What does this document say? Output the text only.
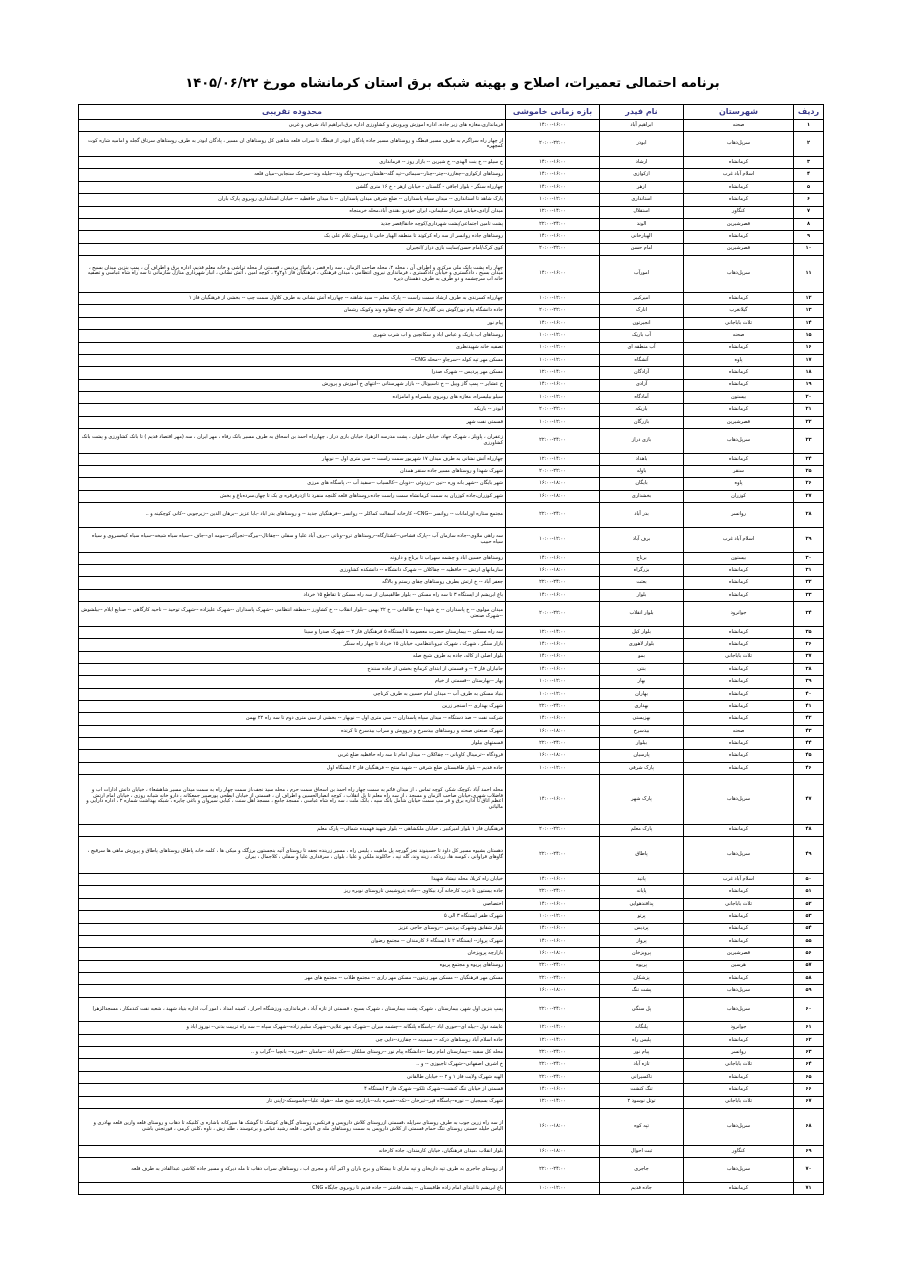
برنامه احتمالی تعمیرات، اصلاح و بهینه شبکه برق استان کرمانشاه مورخ ۱۴۰۵/۰۶/۲۲
ردیف	شهرستان	نام فیدر	بازه زمانی خاموشی	محدوده تقریبی
۱	صحنه	ابراهیم آباد	۱۴:۰۰-۱۶:۰۰	فرمانداری،مغازه های زیر جاده، اداره اموزش وپرورش و کشاورزی اداره برق،ابراهیم اباد شرقی و غربی
۲	سرپل‌ذهاب	ابوذر	۲۰:۰۰-۲۲:۰۰	از چهار راه سراگرم به طرف مسیر قبطگ و روستاهای مسیر جاده پادگان ابوذر از قبطگ تا سراب قلعه شاهین کل روستاهای ان مسیر ، پادگان ابوذر به طرف روستاهای سرتاق گجله و امامیه شاره کوت کمچهره
۳	کرمانشاه	ارشاد	۱۴:۰۰-۱۶:۰۰	خ سیلو -- خ بنت الهدی-- خ شیرین -- بازار روز -- فرمانداری
۴	اسلام آباد غرب	ازکوازی	۱۴:۰۰-۱۶:۰۰	روستاهای ازکوازی--چغازرد--چتر--چنار--سیمائی--تپه گله--هلشان--برزه--ولگه وند--جلیله وند--سرخک سنجابی--میان قلعه
۵	کرمانشاه	ازهر	۱۴:۰۰-۱۶:۰۰	چهارراه سنگر - بلوار اجاقی - گلستان - خیابان ازهر - خ ۱۶ متری گلشن
۶	کرمانشاه	استانداری	۱۰:۰۰-۱۲:۰۰	پارک شاهد تا استانداری -- میدان سپاه پاسداران -- ضلع شرقی میدان پاسداران -- تا میدان حافظیه -- خیابان استانداری روبروی پارک باران
۷	کنگاور	استقلال	۱۲:۰۰-۱۴:۰۰	میدان آزادی،خیابان سردار سلیمانی، ایران خودرو ،هندی آباد،محله خرمنجاه
۸	قصرشیرین	الوند	۲۲:۰۰-۲۴:۰۰	پشت تامین اجتماعی/پشت شهرداری/کوچه خانقا/قصر جدید
۹	کرمانشاه	الهیارخانی	۱۴:۰۰-۱۶:۰۰	روستاهای جاده روانسر از سه راه کرکوند تا منطقه الهیار خانی تا روستای غلام علی بک
۱۰	قصرشیرین	امام حسن	۲۰:۰۰-۲۲:۰۰	کوی کرک/امام حسن/سایت بازی دراز /انجیران
۱۱	سرپل‌ذهاب	امورآب	۱۴:۰۰-۱۶:۰۰	چهار راه پشت بانک ملی مرکزی و اطراف آن ، محله ۲، محله صاحب الزمان ، سه راه قصر ، پاساژ پردیس ، قسمتی از محله تراشی و خانه معلم قدیم، اداره برق و اطراف آن ، پمپ بنزین میدان بسیج ، میدان بسیج ، دادگستری و خیابان دادگستری ، فرمانداری نیروی انتظامی ، میدان فرهنگی ، فرهنگیان فاز ۱و۲و۳ ، کوچه امین ، آتش نشانی ، انبار شهرداری منازل سازمانی تا سه راه شاه عباسی و تصفیه خانه اب سرچشمه و دو طرف به طرف دهستان دیره
۱۲	کرمانشاه	امیرکبیر	۱۰:۰۰-۱۲:۰۰	چهارراه کسرندی به طرف ارشاد سمت راست -- پارک معلم -- سید شاهنه -- چهارراه آتش نشانی به طرف کلاول سمت چپ -- بخشی از فرهنگیان فاز ۱
۱۳	گیلانغرب	انارک	۲۰:۰۰-۲۲:۰۰	جاده دانشگاه پیام نور/گوش بنی گلاره/ کار خانه کج چقلاوه وند وکوبک رشمان
۱۴	ثلاث باباجانی	انجیرتون	۱۴:۰۰-۱۶:۰۰	پیام نور
۱۵	صحنه	آب باریک	۱۰:۰۰-۱۲:۰۰	روستاهای اب باریک و عباس اباد و سکانچین و اب شرب شهری
۱۶	کرمانشاه	آب منطقه ای	۱۰:۰۰-۱۲:۰۰	تصفیه خانه شهیدنظری
۱۷	پاوه	آتشگاه	۱۰:۰۰-۱۲:۰۰	مسکن مهر تپه کوله --سرچاو --محله CNG--
۱۸	کرمانشاه	آزادگان	۱۲:۰۰-۱۴:۰۰	مسکن مهر پردیس -- شهرک صدرا
۱۹	کرمانشاه	آزادی	۱۴:۰۰-۱۶:۰۰	خ عشایر -- پمپ گاز وییل -- خ تاسیوتال -- بازار شهرستانی --انتهای خ آموزش و پرورش
۲۰	بیستون	آمادگاه	۱۰:۰۰-۱۲:۰۰	سیلو بیلیسراه، مغازه های روبروی بیلسراه و امامزاده
۲۱	کرمانشاه	باریکه	۲۰:۰۰-۲۲:۰۰	ابوذر -- باریکه
۲۲	قصرشیرین	بازرگان	۱۰:۰۰-۱۲:۰۰	قسمتی نفت شهر
۲۳	سرپل‌ذهاب	بازی دراز	۲۲:۰۰-۲۴:۰۰	زعفران ، پاویلز ، شهرک جهاد، خیابان حلوان ، پشت مدرسه الزهرا، خیابان بازی دراز ، چهارراه احمد بن اسحاق به طرف مسیر بانک رفاه ، مهر ایران ، سه (مهر اقتصاد قدیم ) تا بانک کشاورزی و پشت بانک کشاورزی
۲۴	کرمانشاه	باهداد	۱۲:۰۰-۱۴:۰۰	چهارراه آتش نشانی به طرف میدان ۱۷ شهریور سمت راست -- سی متری اول -- نوبهار
۲۵	سنقر	باوله	۲۰:۰۰-۲۲:۰۰	شهرک شهدا و روستاهای مسیر جاده سنقر همدان
۲۶	پاوه	بایگان	۱۶:۰۰-۱۸:۰۰	شهر بایگان --شهر بانه وره --نین --زردوئی --دوبان --کالسیاب --سفید آب --، پاسگاه های مرزی
۲۷	کوزران	بخشداری	۱۶:۰۰-۱۸:۰۰	شهر کوزران،جاده کوزران به سمت کرمانشاه سمت راست جاده،روستاهای قلعه کلنچه منفرد تا اژدرقرقره ی بک تا چهار،سرده‌باغ و بخش
۲۸	روانسر	بدر آباد	۲۲:۰۰-۲۴:۰۰	مجتمع ستاره اورامانات -- روانسر --CNG-- کارخانه آسفالت کماکلر -- روانسر --فرهنگیان جدید -- و روستاهای بدر اباد -بابا عزیز --برهان الدین --زیرجوبی --کانی کوچکینه و ..
۲۹	اسلام آباد غرب	برف آباد	۱۰:۰۰-۱۲:۰۰	سه راهی ملاوی--جاده سازمان آب --پارک فشاحی--کشتارگاه--روستاهای ترو--ونانی --برف آباد علیا و سفلی --چقاتال--بیرگه--تجرآکبر--مومه ای--جاف --سیاه سیاه شیخه--سیاه سیاه کیخسروی و سیاه سیاه حبیب
۳۰	بیستون	برناج	۱۴:۰۰-۱۶:۰۰	روستاهای حسین اباد و چشمه سهراب تا برناج و دارونه
۳۱	کرمانشاه	بزرگراه	۱۶:۰۰-۱۸:۰۰	سازمانهای ارتش -- حافظیه -- چقاکلان -- شهرک دانشگاه -- دانشکده کشاورزی
۳۲	کرمانشاه	بعثت	۲۲:۰۰-۲۴:۰۰	جعفر آباد -- خ ارتش بطرف روستاهای چقای رستم و بالاگه
۳۳	کرمانشاه	بلوار	۱۴:۰۰-۱۶:۰۰	باغ ابریشم از ایستگاه ۳ تا سه راه مسکن -- بلوار طالقیمیان از سه راه مسکن تا تقاطع ۱۵ خرداد
۳۴	جوانرود	بلوار انقلاب	۲۰:۰۰-۲۲:۰۰	میدان مولوی -- خ پاسداران -- خ شهدا --خ طالقانی -- خ ۲۲ بهمن --بلوار انقلاب -- خ کشاورز --منطقه انتظامی --شهرک پاسداران --شهرک علیزاده --شهرک توحید -- ناحیه کارگاهی -- صنایع ایلام --بیلشوش --شهرک صنعتی
۳۵	کرمانشاه	بلوار کیل	۱۲:۰۰-۱۴:۰۰	سه راه مسکن -- بیمارستان حضرت معصومه تا ایستگاه ۵ فرهنگیان فاز ۲ -- شهرک صدرا و سینا
۳۶	کرمانشاه	بلوار لاهوری	۱۴:۰۰-۱۶:۰۰	بازار سنگر ، شهرک ، شهرک تیرو،انتظامی، خیابان ۱۵ خرداد تا چهار راه سنگر
۳۷	ثلاث باباجانی	بمو	۱۴:۰۰-۱۶:۰۰	بلوار اصلی از کاله، جاده به طرف شیخ صله
۳۸	کرمانشاه	بنتی	۱۴:۰۰-۱۶:۰۰	جانبازان فاز ۳ -- و قسمتی از ابتدای کرمانج بخشی از جاده سنندج
۳۹	کرمانشاه	بهار	۱۰:۰۰-۱۲:۰۰	بهار --بهارستان --قسمتی از خیام
۴۰	کرمانشاه	بهاران	۱۰:۰۰-۱۲:۰۰	بنیاد مسکن به طرف آب -- میدان امام حسین به طرف کرناچی
۴۱	کرمانشاه	بهداری	۲۲:۰۰-۲۴:۰۰	شهرک بهداری -- اسنجر زرین
۴۲	کرمانشاه	بهزیستی	۱۴:۰۰-۱۶:۰۰	شرکت نفت -- صد دستگاه -- میدان سپاه پاسداران -- سی متری اول -- نوبهار -- بخشی از سی متری دوم تا سه راه ۲۲ بهمن
۴۳	صحنه	بیدسرخ	۱۶:۰۰-۱۸:۰۰	شهرک صنعتی صحنه و روستاهای بیدسرخ و دروویش و سراب بیدسرخ تا کرنده
۴۴	کرمانشاه	بیلوار	۲۲:۰۰-۲۴:۰۰	قسمتهای بیلوار
۴۵	کرمانشاه	پارسیان	۱۶:۰۰-۱۸:۰۰	فرودگاه --ترمینال کاویانی -- چقاکلان -- میدان امام تا سه راه حافظیه ضلع غربی
۴۶	کرمانشاه	پارک شرقی	۱۰:۰۰-۱۲:۰۰	جاده قدیم -- بلوار طاقبستان ضلع شرقی -- شهید منتج -- فرهنگیان فاز ۲ ایستگاه اول
۴۷	سرپل‌ذهاب	پارک شهر	۱۴:۰۰-۱۶:۰۰	محله احمد آباد ،کوچک شکر، کوچه تماس ، از میدان قائم به سمت چهار راه احمد بن اسحاق سمت حرم ، محله سید نجف،از سمت چهار راه به سمت میدان مسیر شاهشعاء ، خیابان دانش ادارات اب و فاضلاب شهری،خیابان صاحب الزمان و مسجد ، از سه راه معلم تا پل انقلاب ، کوچه انصارالحسین و اطراف ان ، قسمتی از خیابان ابطحی پورصبیر جمعکانه ، دارو خانه شبانه روزی ، خیابان امام ارتش اعظم اتاق تا اداره برق و فر مپ سمت خیابان شامل بانک سپه ، بانک ملت ، سه راه شاه عباسی ، مسجد جامع ، مسجد اهل سنت ، کبابی سیروان و باغی چایره ، شبکه بهداشت شماره ۲ ، اداره دارایی و مالیاتی
۴۸	کرمانشاه	پارک معلم	۲۰:۰۰-۲۲:۰۰	فرهنگیان فاز ۱ بلوار امیرکبیر ، خیابان ملکشاهی -- بلوار شهید فهمیده شمالی-- پارک معلم
۴۹	سرپل‌ذهاب	پاطاق	۲۲:۰۰-۲۴:۰۰	دهستان بشیوه مسیر کل داود تا حسینوند نجز گورچه پل ماهیت ، پلیس راه ، مسیر زرینده نجفه تا روستای آتیه بنجستون برزگک و میکی ها ، کلمه خانه پاطاق روستاهای پاطاق و پرورش ماهی ها سرقیچ ، گاوهای قراوانی ، کوسه ها، زردکه ، زینه وند، گله تپه ، حاکلوند ملکی و علیا ، بلوان ، سرقداری علیا و سفلی ، کلاجمال ، بیران
۵۰	اسلام آباد غرب	پاتید	۱۴:۰۰-۱۶:۰۰	خیابان راه کربلا، محله نیشاد شهیدا
۵۱	کرمانشاه	پایانه	۲۲:۰۰-۲۴:۰۰	جاده بیستون تا درب کارخانه آرد بیکاوی --جاده پتروشیمی تاروستای نوبره ریز
۵۲	ثلاث باباجانی	پدافندهوایی	۱۴:۰۰-۱۶:۰۰	اختصاصی
۵۳	کرمانشاه	پرتو	۱۰:۰۰-۱۲:۰۰	شهرک ظفر ایستگاه ۳ الی ۵
۵۴	کرمانشاه	پردیس	۱۴:۰۰-۱۶:۰۰	بلوار شقایق وشهرک پردیس --روستای حاجی عزیز
۵۵	کرمانشاه	پرواز	۱۴:۰۰-۱۶:۰۰	شهرک پرواز-- ایستگاه ۲ تا ایستگاه ۶ کارمندان -- مجتمع رضوان
۵۶	قصرشیرین	پرویزخان	۱۶:۰۰-۱۸:۰۰	بازارچه پرویزخان
۵۷	هرسین	پریوه	۲۲:۰۰-۲۴:۰۰	روستاهای پریوه و مجتمع پریوه
۵۸	کرمانشاه	پزشکان	۲۲:۰۰-۲۴:۰۰	مسکن مهر فرهنگیان -- مسکن مهر زیتون-- مسکن مهر رازی -- مجتمع طلاب -- مجتمع های مهر
۵۹	سرپل‌ذهاب	پشت تنگ	۱۶:۰۰-۱۸:۰۰	
۶۰	سرپل‌ذهاب	پل سنگی	۲۲:۰۰-۲۴:۰۰	پمپ بنزین اول شهر، بیمارستان ، شهرک پشت بیمارستان ، شهرک بسیج ، قسمتی از تازه آباد ، فرمانداری، ورزشگاه احراز ، کمینه امداد ، امور آب، اداره بنیاد شهید ، شعبه نفت کندمکار ، مسجدالزهرا
۶۱	جوانرود	پلنگانه	۱۲:۰۰-۱۴:۰۰	عایشه دول --بیله ای--حوری اباد --پاسگاه پلنگانه --چشمه میران --شهرک مهر علایی--شهرک سلیم زاده--شهرک سپاه -- سه راه تربیت بدنی-- نوروز اباد و
۶۲	کرمانشاه	پلیس راه	۱۲:۰۰-۱۴:۰۰	جاده اسلام آباد روستاهای درکه -- سیمینه -- چقازرد--دایی چی
۶۳	روانسر	پیام نور	۲۲:۰۰-۲۴:۰۰	محله کل سفید --بیمارستان امام رضا --دانشگاه پیام نور --روستای سلکان --حکیم اباد --مامنان --قیرزه-- بانچیا --گراب و ..
۶۴	ثلاث باباجانی	تازه آباد	۲۲:۰۰-۲۴:۰۰	خ اشرف اصفهانی--شهرک تاجیوزی -- و ..
۶۵	کرمانشاه	تاکسیرانی	۲۲:۰۰-۲۴:۰۰	الهیه شهرک ولایت فاز ۱ و ۲ -- خیابان طالقانی
۶۶	کرمانشاه	تنگ کنشت	۱۴:۰۰-۱۶:۰۰	قسمتی از خیابان تنگ کنشت--شهرک تلکو-- شهرک فاز ۳ ایستگاه ۴
۶۷	ثلاث باباجانی	توتل نوسود ۲	۱۲:۰۰-۱۴:۰۰	شهرک بسیجیان -- نوره--پاسگاه قپر--تیرخان --تکه--خسره بانه--بازارچه شیخ صله --هوله علیا--چاسوسکه-ژاپنی تار
۶۸	سرپل‌ذهاب	تپه کوه	۱۶:۰۰-۱۸:۰۰	از سه راه زرین جوب به طرف روستای سراپله ،قسمتی ازروستای کلاش داروپس و فرتکس، روستای گل‌های کوشک تا گوشک ها سیرکانه باشاره ی کلنیکه تا دهاب و روستای قلعه وارین قلعه بهادری و الیاس حلیله حسنی روستای تنگ حمام قسمتی از کلاش داروپس به سمت روستاهای مله ی الیاس ، قلعه رشید عباس و برعوسند ، طله زش ، ناوه ،کلنی کرمی ، فورتجنی باشی
۶۹	کنگاور	ثبت احوال	۱۶:۰۰-۱۸:۰۰	بلوار انقلاب ،میدان فرهنگیان، خیابان کارمندان، جاده کارخانه
۷۰	سرپل‌ذهاب	جاجری	۲۲:۰۰-۲۴:۰۰	از روستای جاجری به طرف تپه داریخان و تپه مارای تا بیشکان و برج باران و اکبر آباد و مجری اب ، روستاهای سراب ذهاب تا مله دیرکه و مسیر جاده کلاشی عبدالقادر به طرف قلعه
۷۱	کرمانشاه	جاده قدیم	۱۰:۰۰-۱۲:۰۰	باغ ابریشم تا ابتدای امام زاده طاقبستان -- پشت فاشتر -- جاده قدیم تا روبروی جایگاه CNG
